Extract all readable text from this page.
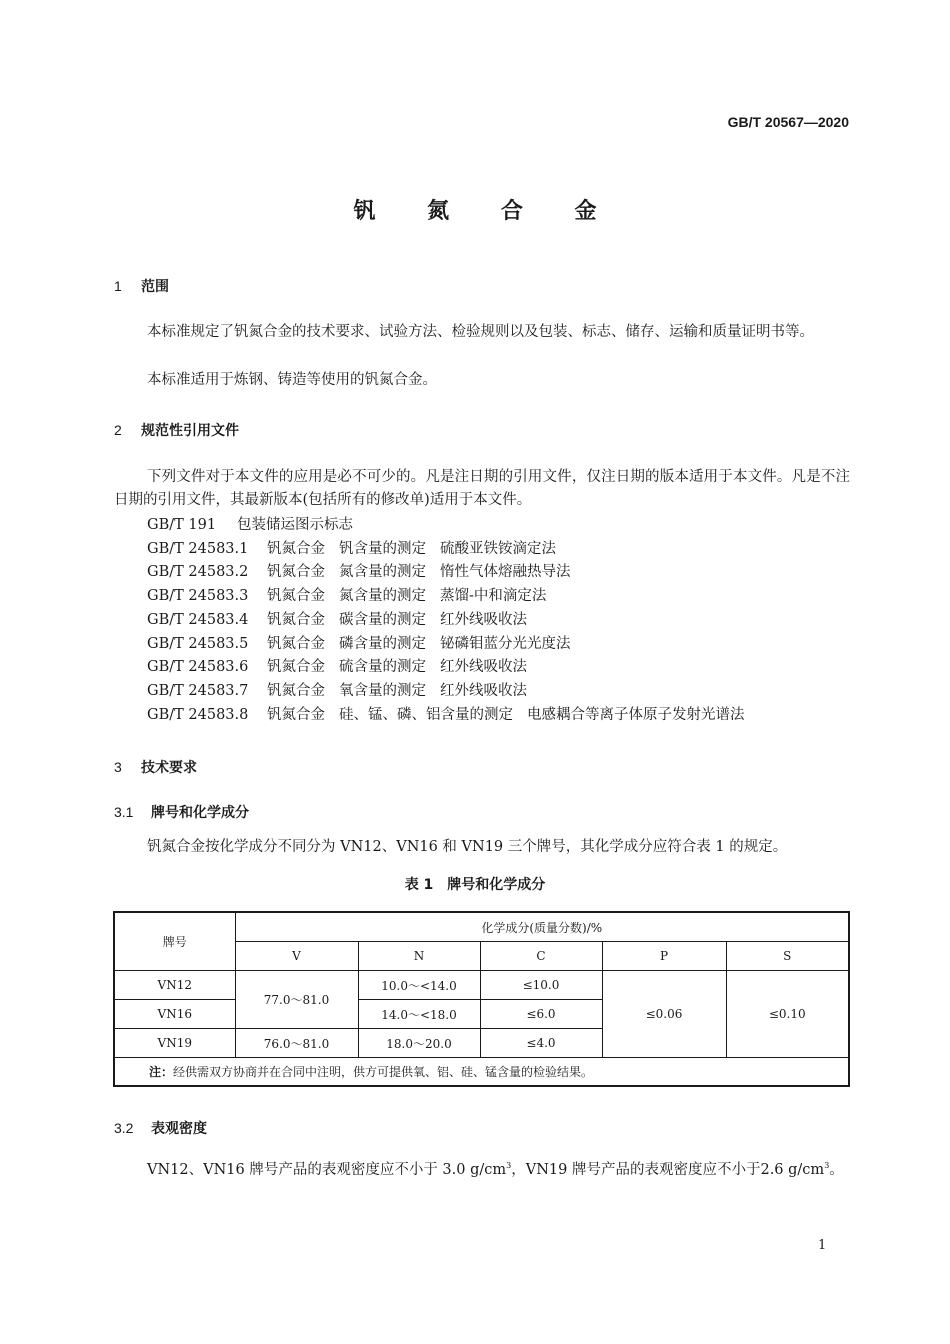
GB/T 20567—2020
钒 氮 合 金
1 范围
本标准规定了钒氮合金的技术要求、试验方法、检验规则以及包装、标志、储存、运输和质量证明书等。
本标准适用于炼钢、铸造等使用的钒氮合金。
2 规范性引用文件
下列文件对于本文件的应用是必不可少的。凡是注日期的引用文件，仅注日期的版本适用于本文件。凡是不注日期的引用文件，其最新版本(包括所有的修改单)适用于本文件。
GB/T 191 包装储运图示标志
GB/T 24583.1 钒氮合金 钒含量的测定 硫酸亚铁铵滴定法
GB/T 24583.2 钒氮合金 氮含量的测定 惰性气体熔融热导法
GB/T 24583.3 钒氮合金 氮含量的测定 蒸馏-中和滴定法
GB/T 24583.4 钒氮合金 碳含量的测定 红外线吸收法
GB/T 24583.5 钒氮合金 磷含量的测定 铋磷钼蓝分光光度法
GB/T 24583.6 钒氮合金 硫含量的测定 红外线吸收法
GB/T 24583.7 钒氮合金 氧含量的测定 红外线吸收法
GB/T 24583.8 钒氮合金 硅、锰、磷、铝含量的测定 电感耦合等离子体原子发射光谱法
3 技术要求
3.1 牌号和化学成分
钒氮合金按化学成分不同分为 VN12、VN16 和 VN19 三个牌号，其化学成分应符合表 1 的规定。
表 1　牌号和化学成分
牌号	化学成分(质量分数)/%				
	V	N	C	P	S
VN12	77.0～81.0	10.0～<14.0	≤10.0	≤0.06	≤0.10
VN16		14.0～<18.0	≤6.0		
VN19	76.0～81.0	18.0～20.0	≤4.0		
注：经供需双方协商并在合同中注明，供方可提供氧、铝、硅、锰含量的检验结果。					
3.2 表观密度
VN12、VN16 牌号产品的表观密度应不小于 3.0 $g/cm^3$，VN19 牌号产品的表观密度应不小于2.6 $g/cm^3$。
1
